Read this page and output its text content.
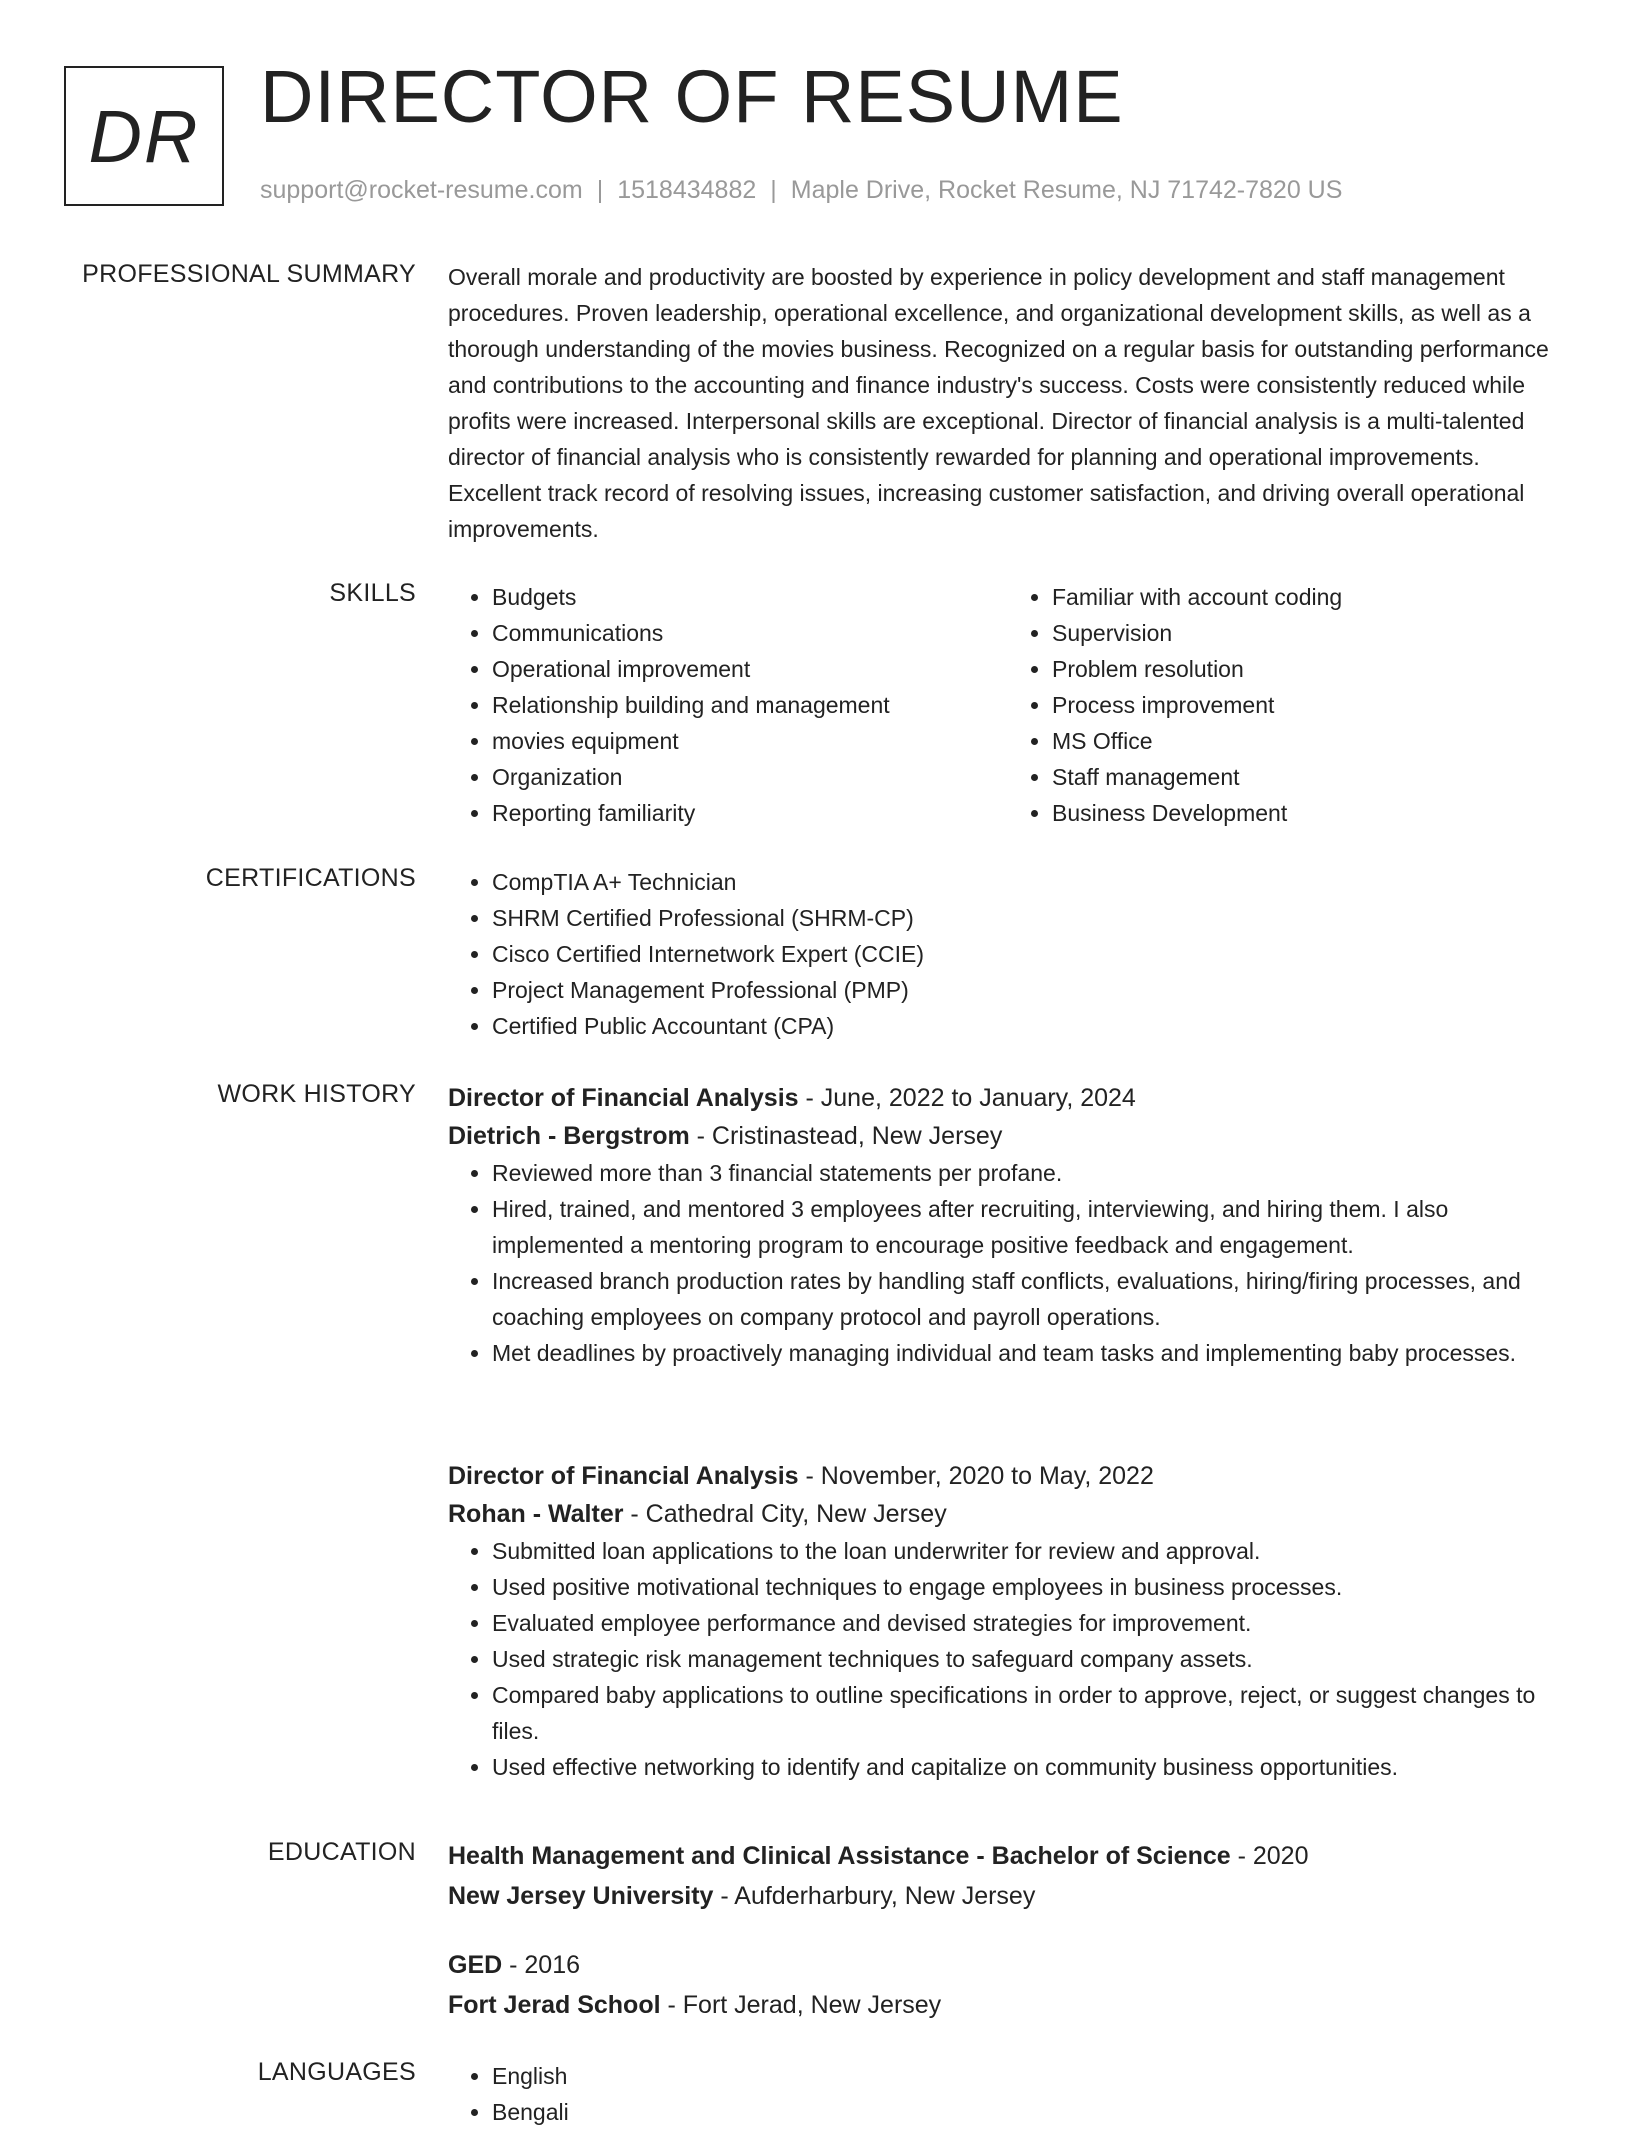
DR DIRECTOR OF RESUME
support@rocket-resume.com | 1518434882 | Maple Drive, Rocket Resume, NJ 71742-7820 US
PROFESSIONAL SUMMARY Overall morale and productivity are boosted by experience in policy development and staff management procedures. Proven leadership, operational excellence, and organizational development skills, as well as a thorough understanding of the movies business. Recognized on a regular basis for outstanding performance and contributions to the accounting and finance industry's success. Costs were consistently reduced while profits were increased. Interpersonal skills are exceptional. Director of financial analysis is a multi-talented director of financial analysis who is consistently rewarded for planning and operational improvements. Excellent track record of resolving issues, increasing customer satisfaction, and driving overall operational improvements.

SKILLS	• Budgets
• Communications
• Operational improvement
• Relationship building and management
• movies equipment
• Organization
• Reporting familiarity
• Familiar with account coding
• Supervision
• Problem resolution
• Process improvement
• MS Office
• Staff management
• Business Development
CERTIFICATIONS	• CompTIA A+ Technician
• SHRM Certified Professional (SHRM-CP)
• Cisco Certified Internetwork Expert (CCIE)
• Project Management Professional (PMP)
• Certified Public Accountant (CPA)
WORK HISTORY Director of Financial Analysis - June, 2022 to January, 2024
Dietrich - Bergstrom - Cristinastead, New Jersey
• Reviewed more than 3 financial statements per profane.
• Hired, trained, and mentored 3 employees after recruiting, interviewing, and hiring them. I also implemented a mentoring program to encourage positive feedback and engagement.
• Increased branch production rates by handling staff conflicts, evaluations, hiring/firing processes, and coaching employees on company protocol and payroll operations.
• Met deadlines by proactively managing individual and team tasks and implementing baby processes.
Director of Financial Analysis - November, 2020 to May, 2022
Rohan - Walter - Cathedral City, New Jersey
• Submitted loan applications to the loan underwriter for review and approval.
• Used positive motivational techniques to engage employees in business processes.
• Evaluated employee performance and devised strategies for improvement.
• Used strategic risk management techniques to safeguard company assets.
• Compared baby applications to outline specifications in order to approve, reject, or suggest changes to files.
• Used effective networking to identify and capitalize on community business opportunities.
EDUCATION Health Management and Clinical Assistance - Bachelor of Science - 2020
New Jersey University - Aufderharbury, New Jersey
GED - 2016
Fort Jerad School - Fort Jerad, New Jersey
LANGUAGES	• English
• Bengali
